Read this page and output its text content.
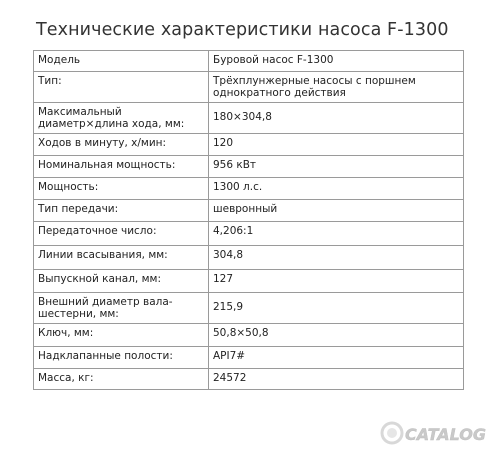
Технические характеристики насоса F-1300
Модель	Буровой насос F-1300
Тип:	Трёхплунжерные насосы с поршнем однократного действия
Максимальный диаметр×длина хода, мм:	180×304,8
Ходов в минуту, х/мин:	120
Номинальная мощность:	956 кВт
Мощность:	1300 л.с.
Тип передачи:	шевронный
Передаточное число:	4,206:1
Линии всасывания, мм:	304,8
Выпускной канал, мм:	127
Внешний диаметр вала-шестерни, мм:	215,9
Ключ, мм:	50,8×50,8
Надклапанные полости:	API7#
Масса, кг:	24572
CATALOG
